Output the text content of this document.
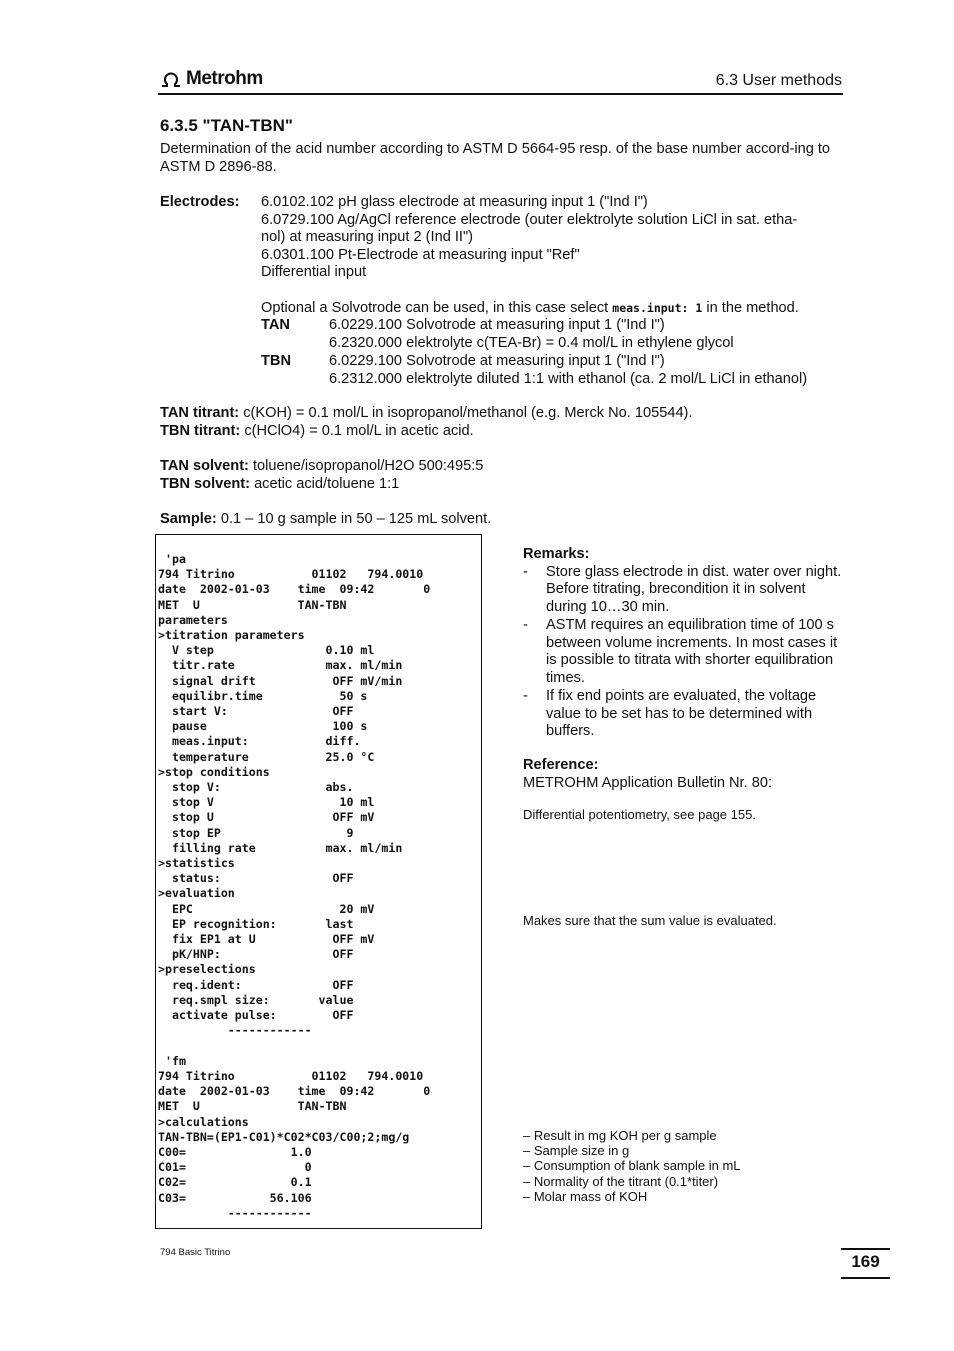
Metrohm	6.3 User methods
6.3.5 "TAN-TBN"
Determination of the acid number according to ASTM D 5664-95 resp. of the base number accord-ing to ASTM D 2896-88.
Electrodes: 6.0102.102 pH glass electrode at measuring input 1 ("Ind I")
6.0729.100 Ag/AgCl reference electrode (outer elektrolyte solution LiCl in sat. etha-
nol) at measuring input 2 (Ind II")
6.0301.100 Pt-Electrode at measuring input "Ref"
Differential input
Optional a Solvotrode can be used, in this case select meas.input: 1 in the method.
TAN	6.0229.100 Solvotrode at measuring input 1 ("Ind I")
6.2320.000 elektrolyte c(TEA-Br) = 0.4 mol/L in ethylene glycol
TBN	6.0229.100 Solvotrode at measuring input 1 ("Ind I")
6.2312.000 elektrolyte diluted 1:1 with ethanol (ca. 2 mol/L LiCl in ethanol)
TAN titrant: c(KOH) = 0.1 mol/L in isopropanol/methanol (e.g. Merck No. 105544).
TBN titrant: c(HClO4) = 0.1 mol/L in acetic acid.
TAN solvent: toluene/isopropanol/H2O 500:495:5
TBN solvent: acetic acid/toluene 1:1
Sample: 0.1 – 10 g sample in 50 – 125 mL solvent.
'pa
794 Titrino           01102   794.0010
date  2002-01-03    time  09:42       0
MET  U              TAN-TBN
parameters
>titration parameters
V step                0.10 ml
titr.rate             max. ml/min
signal drift           OFF mV/min
equilibr.time           50 s
start V:               OFF
pause                  100 s
meas.input:           diff.
temperature           25.0 °C
>stop conditions
stop V:               abs.
stop V                  10 ml
stop U                 OFF mV
stop EP                  9
filling rate          max. ml/min
>statistics
status:                OFF
>evaluation
EPC                     20 mV
EP recognition:       last
fix EP1 at U           OFF mV
pK/HNP:                OFF
>preselections
req.ident:             OFF
req.smpl size:       value
activate pulse:        OFF
------------

'fm
794 Titrino           01102   794.0010
date  2002-01-03    time  09:42       0
MET  U              TAN-TBN
>calculations
TAN-TBN=(EP1-C01)*C02*C03/C00;2;mg/g
C00=               1.0
C01=                 0
C02=               0.1
C03=            56.106
------------
Remarks:
- Store glass electrode in dist. water over night. Before titrating, brecondition it in solvent during 10…30 min.
- ASTM requires an equilibration time of 100 s between volume increments. In most cases it is possible to titrata with shorter equilibration times.
- If fix end points are evaluated, the voltage value to be set has to be determined with buffers.
Reference:
METROHM Application Bulletin Nr. 80:
Differential potentiometry, see page 155.
Makes sure that the sum value is evaluated.
– Result in mg KOH per g sample
– Sample size in g
– Consumption of blank sample in mL
– Normality of the titrant (0.1*titer)
– Molar mass of KOH
794 Basic Titrino	169
